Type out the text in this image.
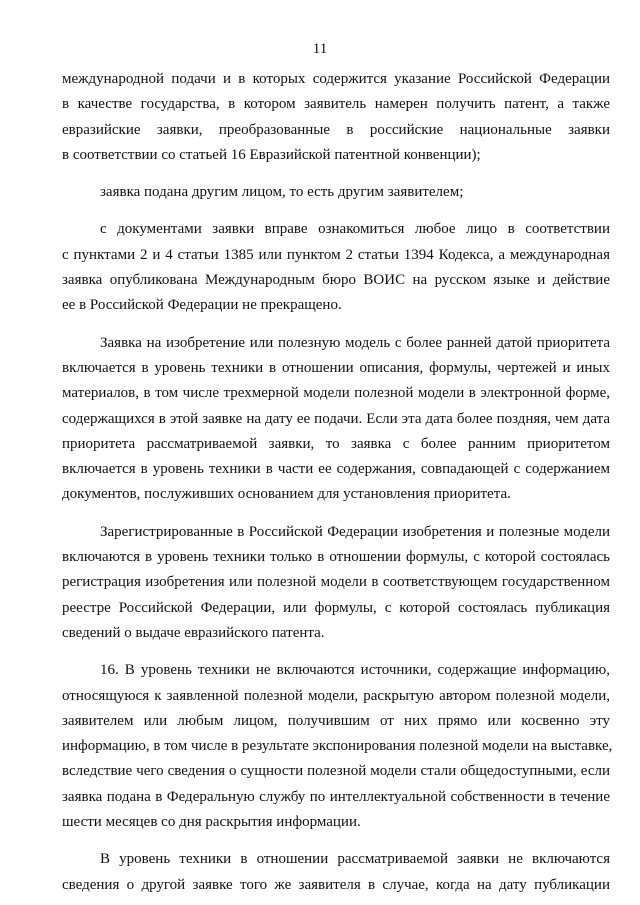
11
международной подачи и в которых содержится указание Российской Федерации
в качестве государства, в котором заявитель намерен получить патент, а также
евразийские заявки, преобразованные в российские национальные заявки
в соответствии со статьей 16 Евразийской патентной конвенции);
заявка подана другим лицом, то есть другим заявителем;
с документами заявки вправе ознакомиться любое лицо в соответствии
с пунктами 2 и 4 статьи 1385 или пунктом 2 статьи 1394 Кодекса, а международная
заявка опубликована Международным бюро ВОИС на русском языке и действие
ее в Российской Федерации не прекращено.
Заявка на изобретение или полезную модель с более ранней датой приоритета
включается в уровень техники в отношении описания, формулы, чертежей и иных
материалов, в том числе трехмерной модели полезной модели в электронной форме,
содержащихся в этой заявке на дату ее подачи. Если эта дата более поздняя, чем дата
приоритета рассматриваемой заявки, то заявка с более ранним приоритетом
включается в уровень техники в части ее содержания, совпадающей с содержанием
документов, послуживших основанием для установления приоритета.
Зарегистрированные в Российской Федерации изобретения и полезные модели
включаются в уровень техники только в отношении формулы, с которой состоялась
регистрация изобретения или полезной модели в соответствующем государственном
реестре Российской Федерации, или формулы, с которой состоялась публикация
сведений о выдаче евразийского патента.
16. В уровень техники не включаются источники, содержащие информацию,
относящуюся к заявленной полезной модели, раскрытую автором полезной модели,
заявителем или любым лицом, получившим от них прямо или косвенно эту
информацию, в том числе в результате экспонирования полезной модели на выставке,
вследствие чего сведения о сущности полезной модели стали общедоступными, если
заявка подана в Федеральную службу по интеллектуальной собственности в течение
шести месяцев со дня раскрытия информации.
В уровень техники в отношении рассматриваемой заявки не включаются
сведения о другой заявке того же заявителя в случае, когда на дату публикации
